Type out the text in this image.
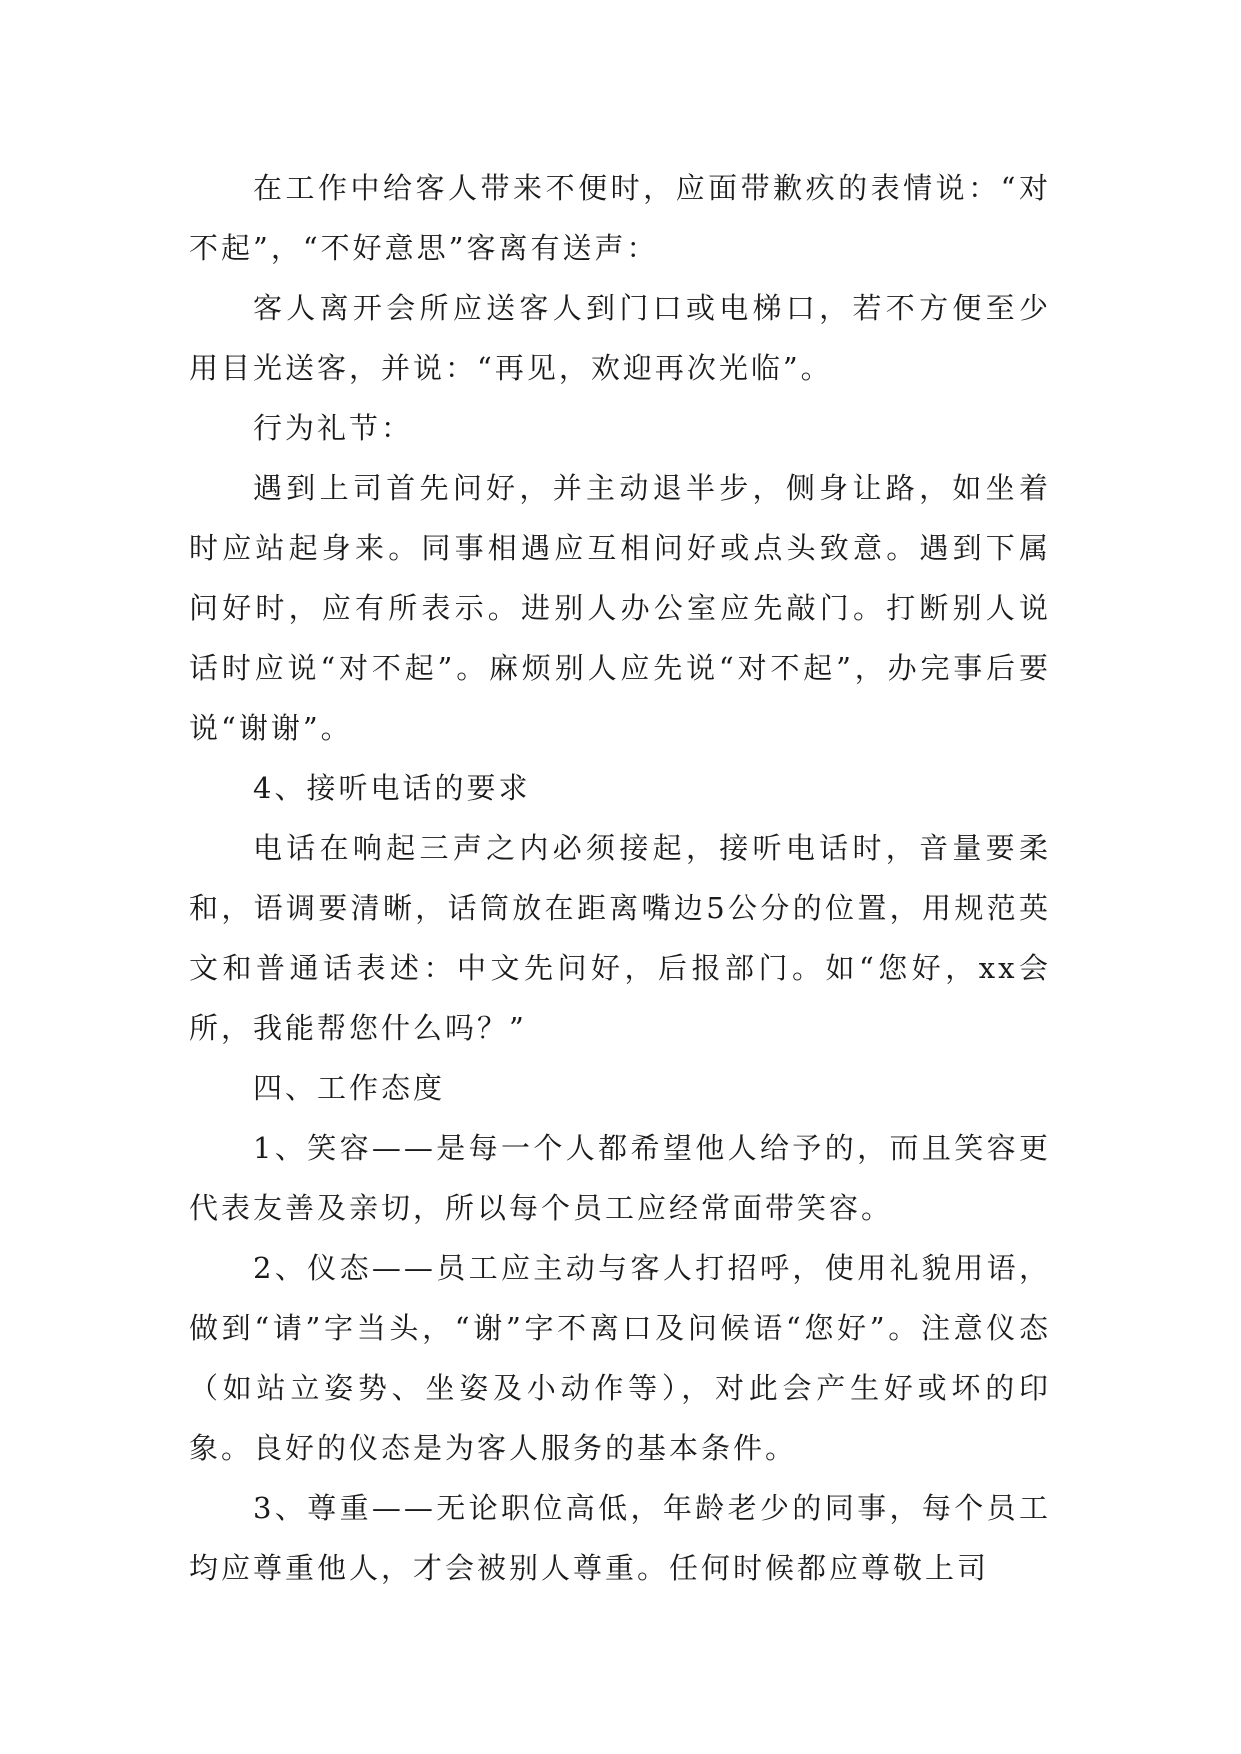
在工作中给客人带来不便时，应面带歉疚的表情说：“对不起”，“不好意思”客离有送声：

客人离开会所应送客人到门口或电梯口，若不方便至少用目光送客，并说：“再见，欢迎再次光临”。

行为礼节：

遇到上司首先问好，并主动退半步，侧身让路，如坐着时应站起身来。同事相遇应互相问好或点头致意。遇到下属问好时，应有所表示。进别人办公室应先敲门。打断别人说话时应说“对不起”。麻烦别人应先说“对不起”，办完事后要说“谢谢”。

4、接听电话的要求

电话在响起三声之内必须接起，接听电话时，音量要柔和，语调要清晰，话筒放在距离嘴边5公分的位置，用规范英文和普通话表述：中文先问好，后报部门。如“您好，xx会所，我能帮您什么吗？”

四、工作态度

1、笑容——是每一个人都希望他人给予的，而且笑容更代表友善及亲切，所以每个员工应经常面带笑容。

2、仪态——员工应主动与客人打招呼，使用礼貌用语，做到“请”字当头，“谢”字不离口及问候语“您好”。注意仪态（如站立姿势、坐姿及小动作等），对此会产生好或坏的印象。良好的仪态是为客人服务的基本条件。

3、尊重——无论职位高低，年龄老少的同事，每个员工均应尊重他人，才会被别人尊重。任何时候都应尊敬上司
